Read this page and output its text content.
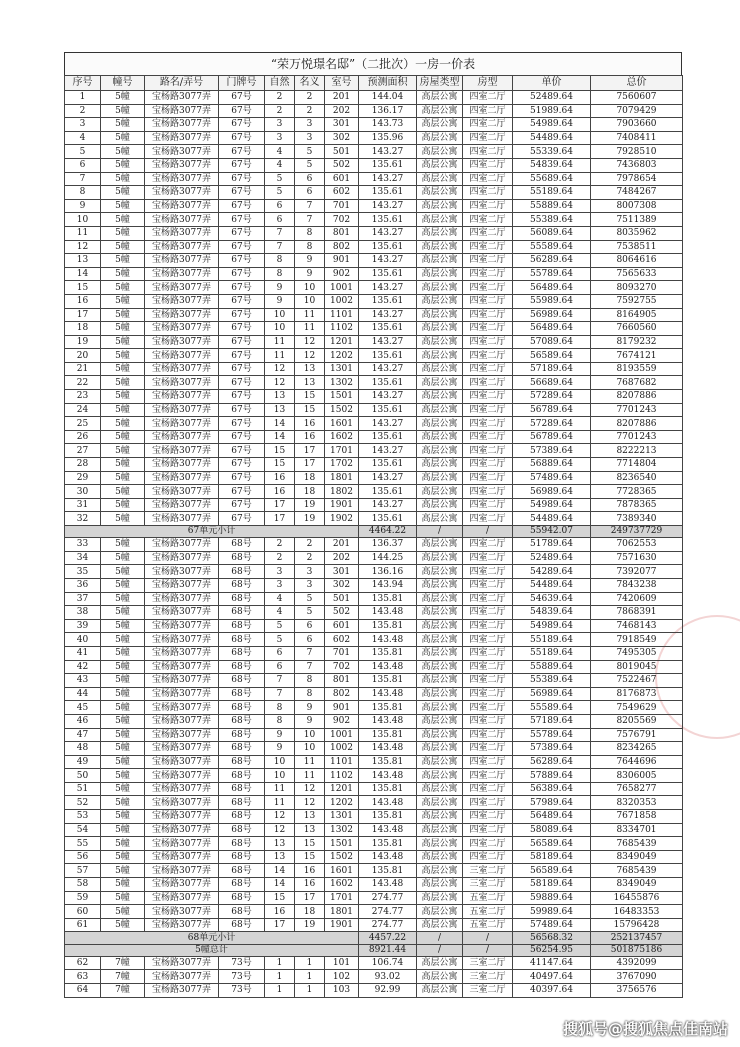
“荣万悦璟名邸”（二批次）一房一价表
序号	幢号	路名/弄号	门牌号	自然	名义	室号	预测面积	房屋类型	房型	单价	总价
1	5幢	宝杨路3077弄	67号	2	2	201	144.04	高层公寓	四室二厅	52489.64	7560607
2	5幢	宝杨路3077弄	67号	2	2	202	136.17	高层公寓	四室二厅	51989.64	7079429
3	5幢	宝杨路3077弄	67号	3	3	301	143.73	高层公寓	四室二厅	54989.64	7903660
4	5幢	宝杨路3077弄	67号	3	3	302	135.96	高层公寓	四室二厅	54489.64	7408411
5	5幢	宝杨路3077弄	67号	4	5	501	143.27	高层公寓	四室二厅	55339.64	7928510
6	5幢	宝杨路3077弄	67号	4	5	502	135.61	高层公寓	四室二厅	54839.64	7436803
7	5幢	宝杨路3077弄	67号	5	6	601	143.27	高层公寓	四室二厅	55689.64	7978654
8	5幢	宝杨路3077弄	67号	5	6	602	135.61	高层公寓	四室二厅	55189.64	7484267
9	5幢	宝杨路3077弄	67号	6	7	701	143.27	高层公寓	四室二厅	55889.64	8007308
10	5幢	宝杨路3077弄	67号	6	7	702	135.61	高层公寓	四室二厅	55389.64	7511389
11	5幢	宝杨路3077弄	67号	7	8	801	143.27	高层公寓	四室二厅	56089.64	8035962
12	5幢	宝杨路3077弄	67号	7	8	802	135.61	高层公寓	四室二厅	55589.64	7538511
13	5幢	宝杨路3077弄	67号	8	9	901	143.27	高层公寓	四室二厅	56289.64	8064616
14	5幢	宝杨路3077弄	67号	8	9	902	135.61	高层公寓	四室二厅	55789.64	7565633
15	5幢	宝杨路3077弄	67号	9	10	1001	143.27	高层公寓	四室二厅	56489.64	8093270
16	5幢	宝杨路3077弄	67号	9	10	1002	135.61	高层公寓	四室二厅	55989.64	7592755
17	5幢	宝杨路3077弄	67号	10	11	1101	143.27	高层公寓	四室二厅	56989.64	8164905
18	5幢	宝杨路3077弄	67号	10	11	1102	135.61	高层公寓	四室二厅	56489.64	7660560
19	5幢	宝杨路3077弄	67号	11	12	1201	143.27	高层公寓	四室二厅	57089.64	8179232
20	5幢	宝杨路3077弄	67号	11	12	1202	135.61	高层公寓	四室二厅	56589.64	7674121
21	5幢	宝杨路3077弄	67号	12	13	1301	143.27	高层公寓	四室二厅	57189.64	8193559
22	5幢	宝杨路3077弄	67号	12	13	1302	135.61	高层公寓	四室二厅	56689.64	7687682
23	5幢	宝杨路3077弄	67号	13	15	1501	143.27	高层公寓	四室二厅	57289.64	8207886
24	5幢	宝杨路3077弄	67号	13	15	1502	135.61	高层公寓	四室二厅	56789.64	7701243
25	5幢	宝杨路3077弄	67号	14	16	1601	143.27	高层公寓	四室二厅	57289.64	8207886
26	5幢	宝杨路3077弄	67号	14	16	1602	135.61	高层公寓	四室二厅	56789.64	7701243
27	5幢	宝杨路3077弄	67号	15	17	1701	143.27	高层公寓	四室二厅	57389.64	8222213
28	5幢	宝杨路3077弄	67号	15	17	1702	135.61	高层公寓	四室二厅	56889.64	7714804
29	5幢	宝杨路3077弄	67号	16	18	1801	143.27	高层公寓	四室二厅	57489.64	8236540
30	5幢	宝杨路3077弄	67号	16	18	1802	135.61	高层公寓	四室二厅	56989.64	7728365
31	5幢	宝杨路3077弄	67号	17	19	1901	143.27	高层公寓	四室二厅	54989.64	7878365
32	5幢	宝杨路3077弄	67号	17	19	1902	135.61	高层公寓	四室二厅	54489.64	7389340
67单元小计							4464.22	/	/	55942.07	249737729
33	5幢	宝杨路3077弄	68号	2	2	201	136.37	高层公寓	四室二厅	51789.64	7062553
34	5幢	宝杨路3077弄	68号	2	2	202	144.25	高层公寓	四室二厅	52489.64	7571630
35	5幢	宝杨路3077弄	68号	3	3	301	136.16	高层公寓	四室二厅	54289.64	7392077
36	5幢	宝杨路3077弄	68号	3	3	302	143.94	高层公寓	四室二厅	54489.64	7843238
37	5幢	宝杨路3077弄	68号	4	5	501	135.81	高层公寓	四室二厅	54639.64	7420609
38	5幢	宝杨路3077弄	68号	4	5	502	143.48	高层公寓	四室二厅	54839.64	7868391
39	5幢	宝杨路3077弄	68号	5	6	601	135.81	高层公寓	四室二厅	54989.64	7468143
40	5幢	宝杨路3077弄	68号	5	6	602	143.48	高层公寓	四室二厅	55189.64	7918549
41	5幢	宝杨路3077弄	68号	6	7	701	135.81	高层公寓	四室二厅	55189.64	7495305
42	5幢	宝杨路3077弄	68号	6	7	702	143.48	高层公寓	四室二厅	55889.64	8019045
43	5幢	宝杨路3077弄	68号	7	8	801	135.81	高层公寓	四室二厅	55389.64	7522467
44	5幢	宝杨路3077弄	68号	7	8	802	143.48	高层公寓	四室二厅	56989.64	8176873
45	5幢	宝杨路3077弄	68号	8	9	901	135.81	高层公寓	四室二厅	55589.64	7549629
46	5幢	宝杨路3077弄	68号	8	9	902	143.48	高层公寓	四室二厅	57189.64	8205569
47	5幢	宝杨路3077弄	68号	9	10	1001	135.81	高层公寓	四室二厅	55789.64	7576791
48	5幢	宝杨路3077弄	68号	9	10	1002	143.48	高层公寓	四室二厅	57389.64	8234265
49	5幢	宝杨路3077弄	68号	10	11	1101	135.81	高层公寓	四室二厅	56289.64	7644696
50	5幢	宝杨路3077弄	68号	10	11	1102	143.48	高层公寓	四室二厅	57889.64	8306005
51	5幢	宝杨路3077弄	68号	11	12	1201	135.81	高层公寓	四室二厅	56389.64	7658277
52	5幢	宝杨路3077弄	68号	11	12	1202	143.48	高层公寓	四室二厅	57989.64	8320353
53	5幢	宝杨路3077弄	68号	12	13	1301	135.81	高层公寓	四室二厅	56489.64	7671858
54	5幢	宝杨路3077弄	68号	12	13	1302	143.48	高层公寓	四室二厅	58089.64	8334701
55	5幢	宝杨路3077弄	68号	13	15	1501	135.81	高层公寓	四室二厅	56589.64	7685439
56	5幢	宝杨路3077弄	68号	13	15	1502	143.48	高层公寓	四室二厅	58189.64	8349049
57	5幢	宝杨路3077弄	68号	14	16	1601	135.81	高层公寓	三室二厅	56589.64	7685439
58	5幢	宝杨路3077弄	68号	14	16	1602	143.48	高层公寓	三室二厅	58189.64	8349049
59	5幢	宝杨路3077弄	68号	15	17	1701	274.77	高层公寓	五室二厅	59889.64	16455876
60	5幢	宝杨路3077弄	68号	16	18	1801	274.77	高层公寓	五室二厅	59989.64	16483353
61	5幢	宝杨路3077弄	68号	17	19	1901	274.77	高层公寓	五室二厅	57489.64	15796428
68单元小计							4457.22	/	/	56568.32	252137457
5幢总计							8921.44	/	/	56254.95	501875186
62	7幢	宝杨路3077弄	73号	1	1	101	106.74	高层公寓	三室二厅	41147.64	4392099
63	7幢	宝杨路3077弄	73号	1	1	102	93.02	高层公寓	三室二厅	40497.64	3767090
64	7幢	宝杨路3077弄	73号	1	1	103	92.99	高层公寓	三室二厅	40397.64	3756576
搜狐号@搜狐焦点佳南站
